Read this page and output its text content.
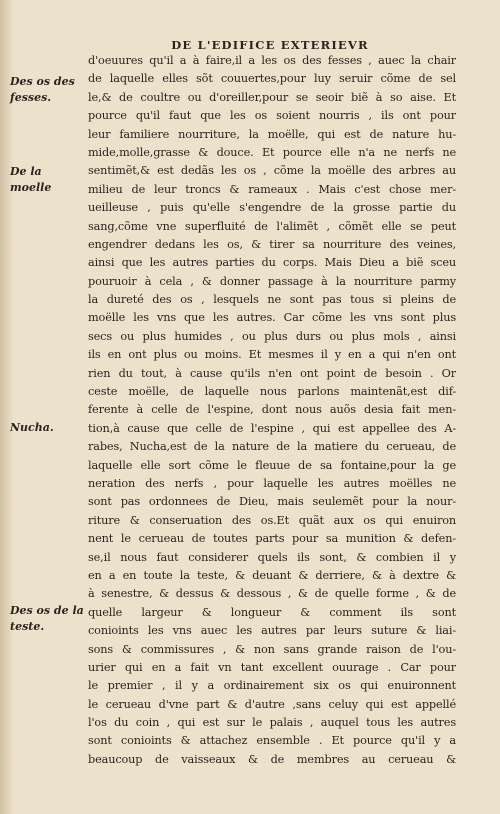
DE L'EDIFICE EXTERIEVR
Des os des fesses.
De la moelle
Nucha.
Des os de la teste.
d'oeuures qu'il a à faire,il a les os des fesses , auec la chair
de laquelle elles sõt couuertes,pour luy seruir cõme de sel
le,& de coultre ou d'oreiller,pour se seoir biẽ à so aise. Et
pource qu'il faut que les os soient nourris , ils ont pour
leur familiere nourriture, la moëlle, qui est de nature hu-
mide,molle,grasse & douce. Et pource elle n'a ne nerfs ne
sentimẽt,& est dedãs les os , cõme la moëlle des arbres au
milieu de leur troncs & rameaux . Mais c'est chose mer-
ueilleuse , puis qu'elle s'engendre de la grosse partie du
sang,cõme vne superfluité de l'alimẽt , cõmẽt elle se peut
engendrer dedans les os, & tirer sa nourriture des veines,
ainsi que les autres parties du corps. Mais Dieu a biẽ sceu
pouruoir à cela , & donner passage à la nourriture parmy
la dureté des os , lesquels ne sont pas tous si pleins de
moëlle les vns que les autres. Car cõme les vns sont plus
secs ou plus humides , ou plus durs ou plus mols , ainsi
ils en ont plus ou moins. Et mesmes il y en a qui n'en ont
rien du tout, à cause qu'ils n'en ont point de besoin . Or
ceste moëlle, de laquelle nous parlons maintenãt,est dif-
ferente à celle de l'espine, dont nous auõs desia fait men-
tion,à cause que celle de l'espine , qui est appellee des A-
rabes, Nucha,est de la nature de la matiere du cerueau, de
laquelle elle sort cõme le fleuue de sa fontaine,pour la ge
neration des nerfs , pour laquelle les autres moëlles ne
sont pas ordonnees de Dieu, mais seulemẽt pour la nour-
riture & conseruation des os.Et quãt aux os qui enuiron
nent le cerueau de toutes parts pour sa munition & defen-
se,il nous faut considerer quels ils sont, & combien il y
en a en toute la teste, & deuant & derriere, & à dextre &
à senestre, & dessus & dessous , & de quelle forme , & de
quelle largeur & longueur & comment ils sont
conioints les vns auec les autres par leurs suture & liai-
sons & commissures , & non sans grande raison de l'ou-
urier qui en a fait vn tant excellent ouurage . Car pour
le premier , il y a ordinairement six os qui enuironnent
le cerueau d'vne part & d'autre ,sans celuy qui est appellé
l'os du coin , qui est sur le palais , auquel tous les autres
sont conioints & attachez ensemble . Et pource qu'il y a
beaucoup de vaisseaux & de membres au cerueau &
